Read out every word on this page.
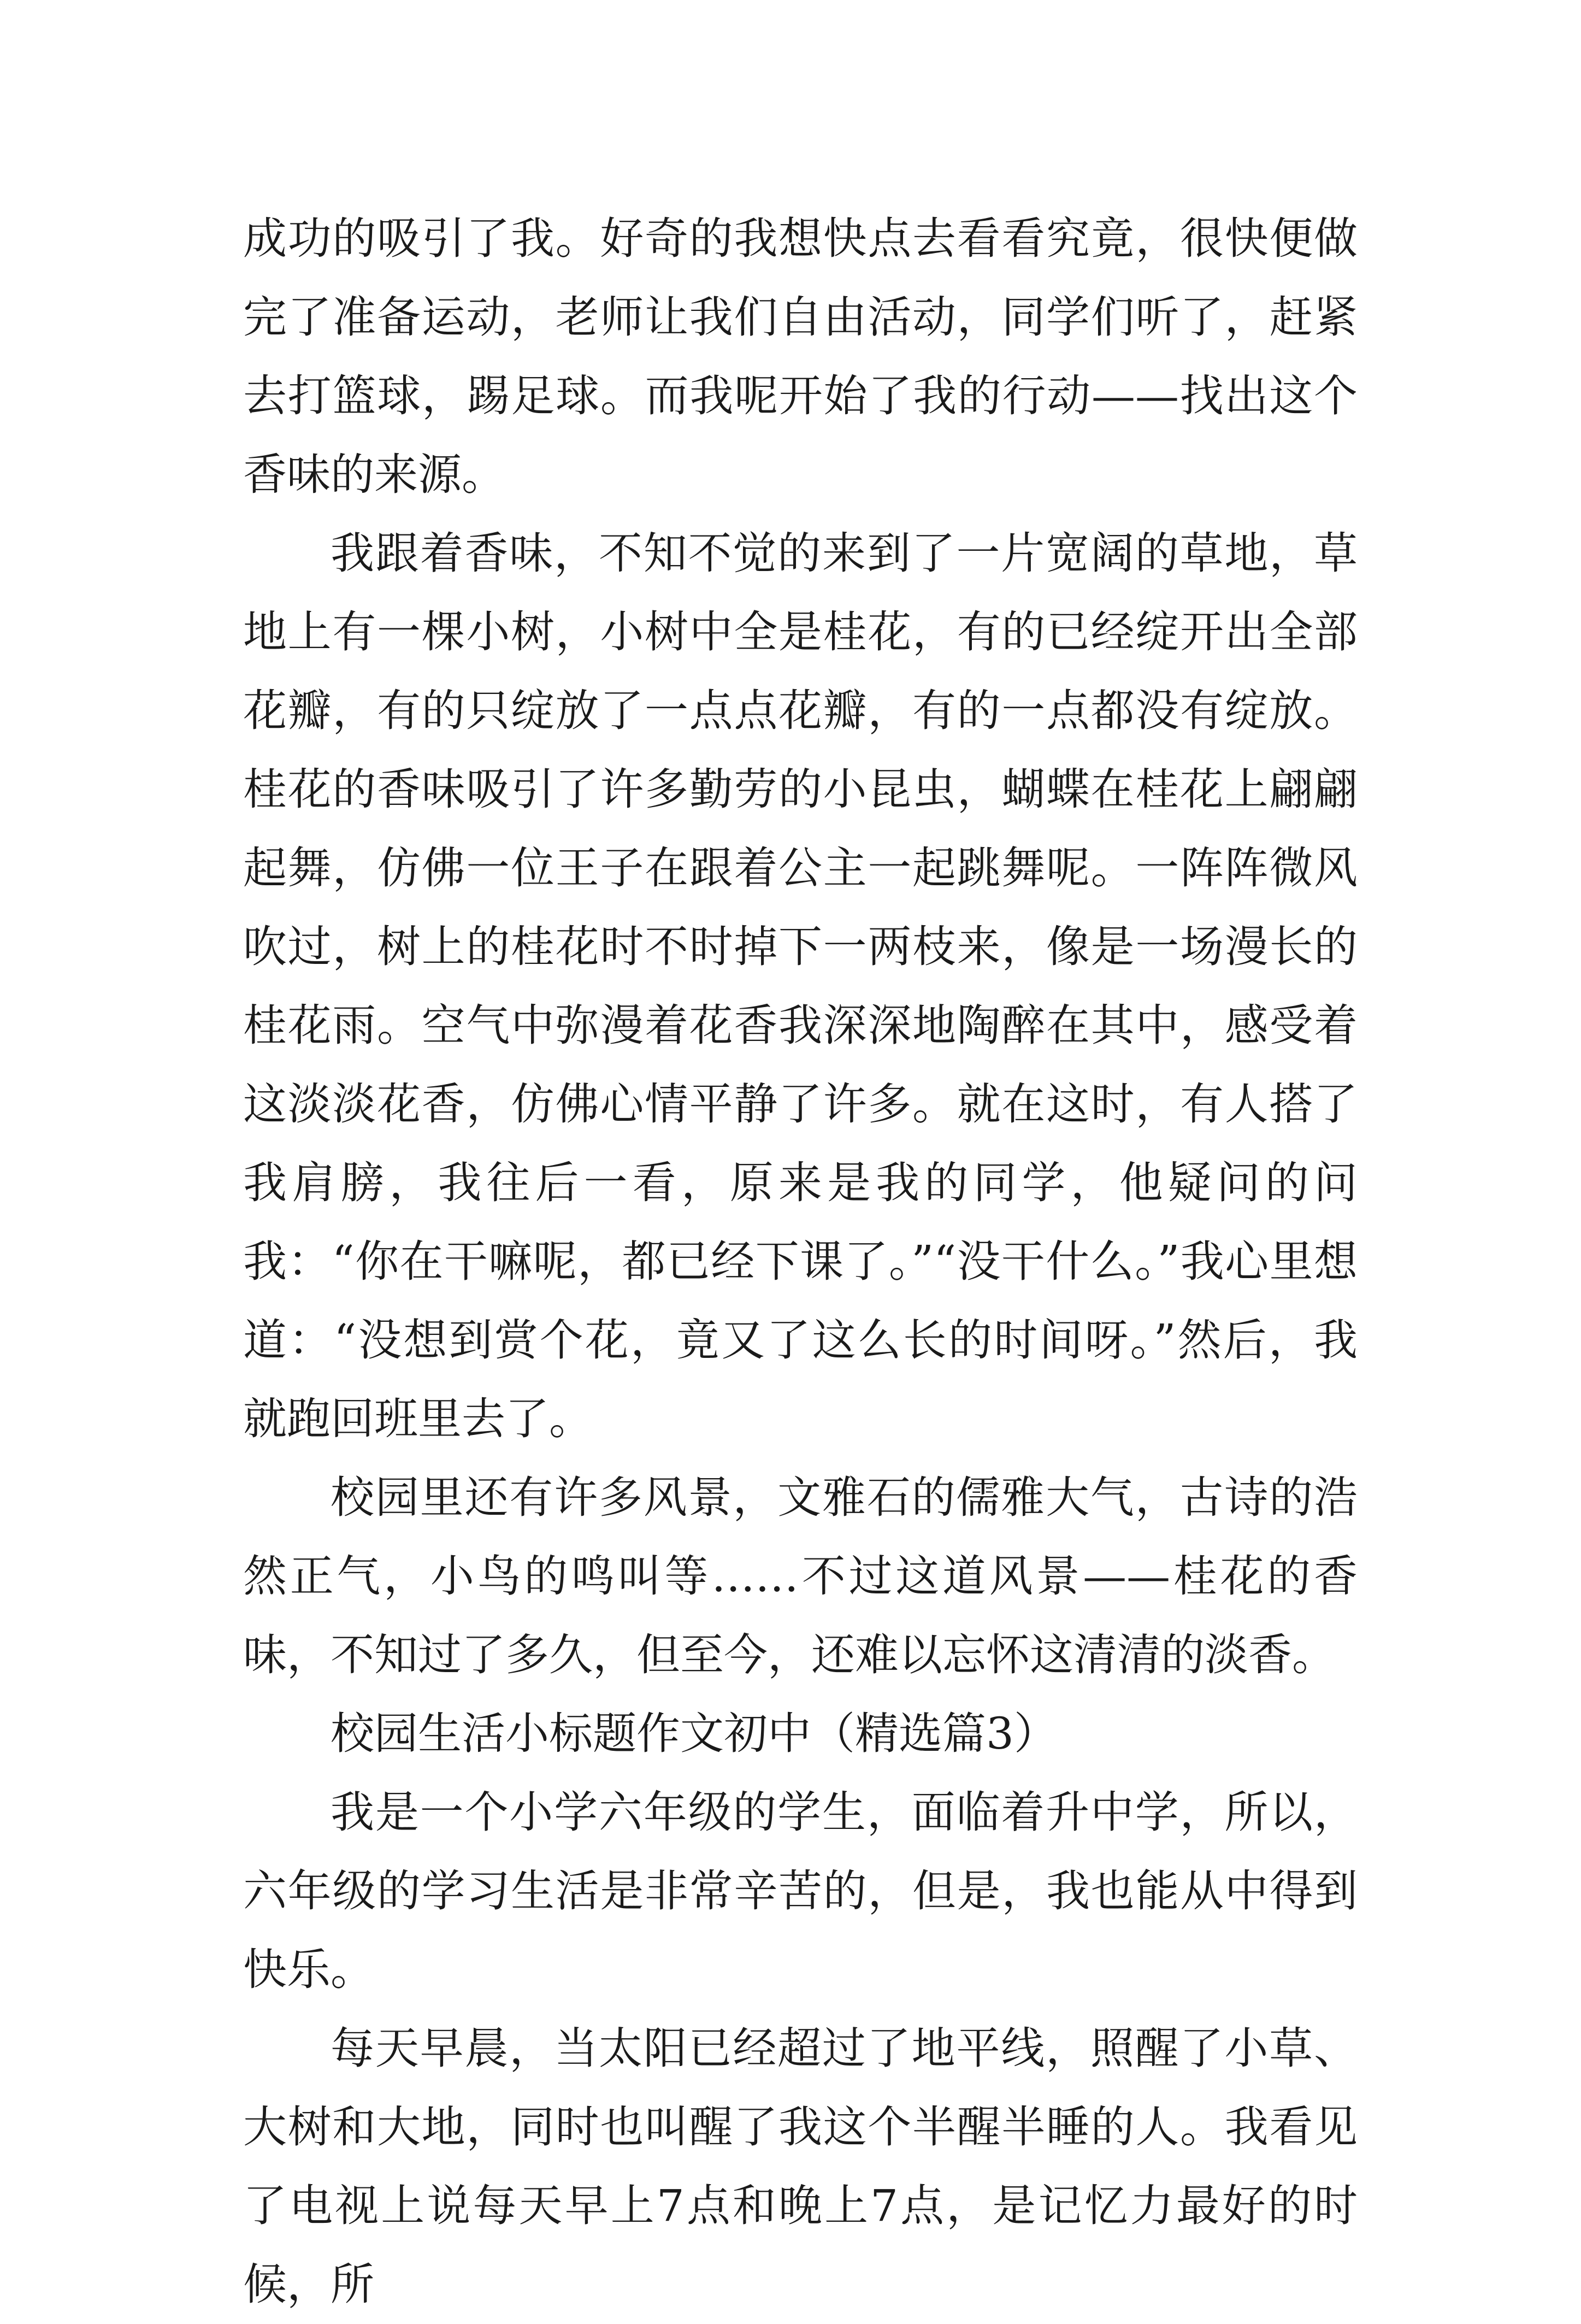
成功的吸引了我。好奇的我想快点去看看究竟，很快便做完了准备运动，老师让我们自由活动，同学们听了，赶紧去打篮球，踢足球。而我呢开始了我的行动——找出这个香味的来源。

我跟着香味，不知不觉的来到了一片宽阔的草地，草地上有一棵小树，小树中全是桂花，有的已经绽开出全部花瓣，有的只绽放了一点点花瓣，有的一点都没有绽放。桂花的香味吸引了许多勤劳的小昆虫，蝴蝶在桂花上翩翩起舞，仿佛一位王子在跟着公主一起跳舞呢。一阵阵微风吹过，树上的桂花时不时掉下一两枝来，像是一场漫长的桂花雨。空气中弥漫着花香我深深地陶醉在其中，感受着这淡淡花香，仿佛心情平静了许多。就在这时，有人搭了我肩膀，我往后一看，原来是我的同学，他疑问的问我：“你在干嘛呢，都已经下课了。”“没干什么。”我心里想道：“没想到赏个花，竟又了这么长的时间呀。”然后，我就跑回班里去了。

校园里还有许多风景，文雅石的儒雅大气，古诗的浩然正气，小鸟的鸣叫等……不过这道风景——桂花的香味，不知过了多久，但至今，还难以忘怀这清清的淡香。

校园生活小标题作文初中（精选篇3）

我是一个小学六年级的学生，面临着升中学，所以，六年级的学习生活是非常辛苦的，但是，我也能从中得到快乐。

每天早晨，当太阳已经超过了地平线，照醒了小草、大树和大地，同时也叫醒了我这个半醒半睡的人。我看见了电视上说每天早上7点和晚上7点，是记忆力最好的时候，所
